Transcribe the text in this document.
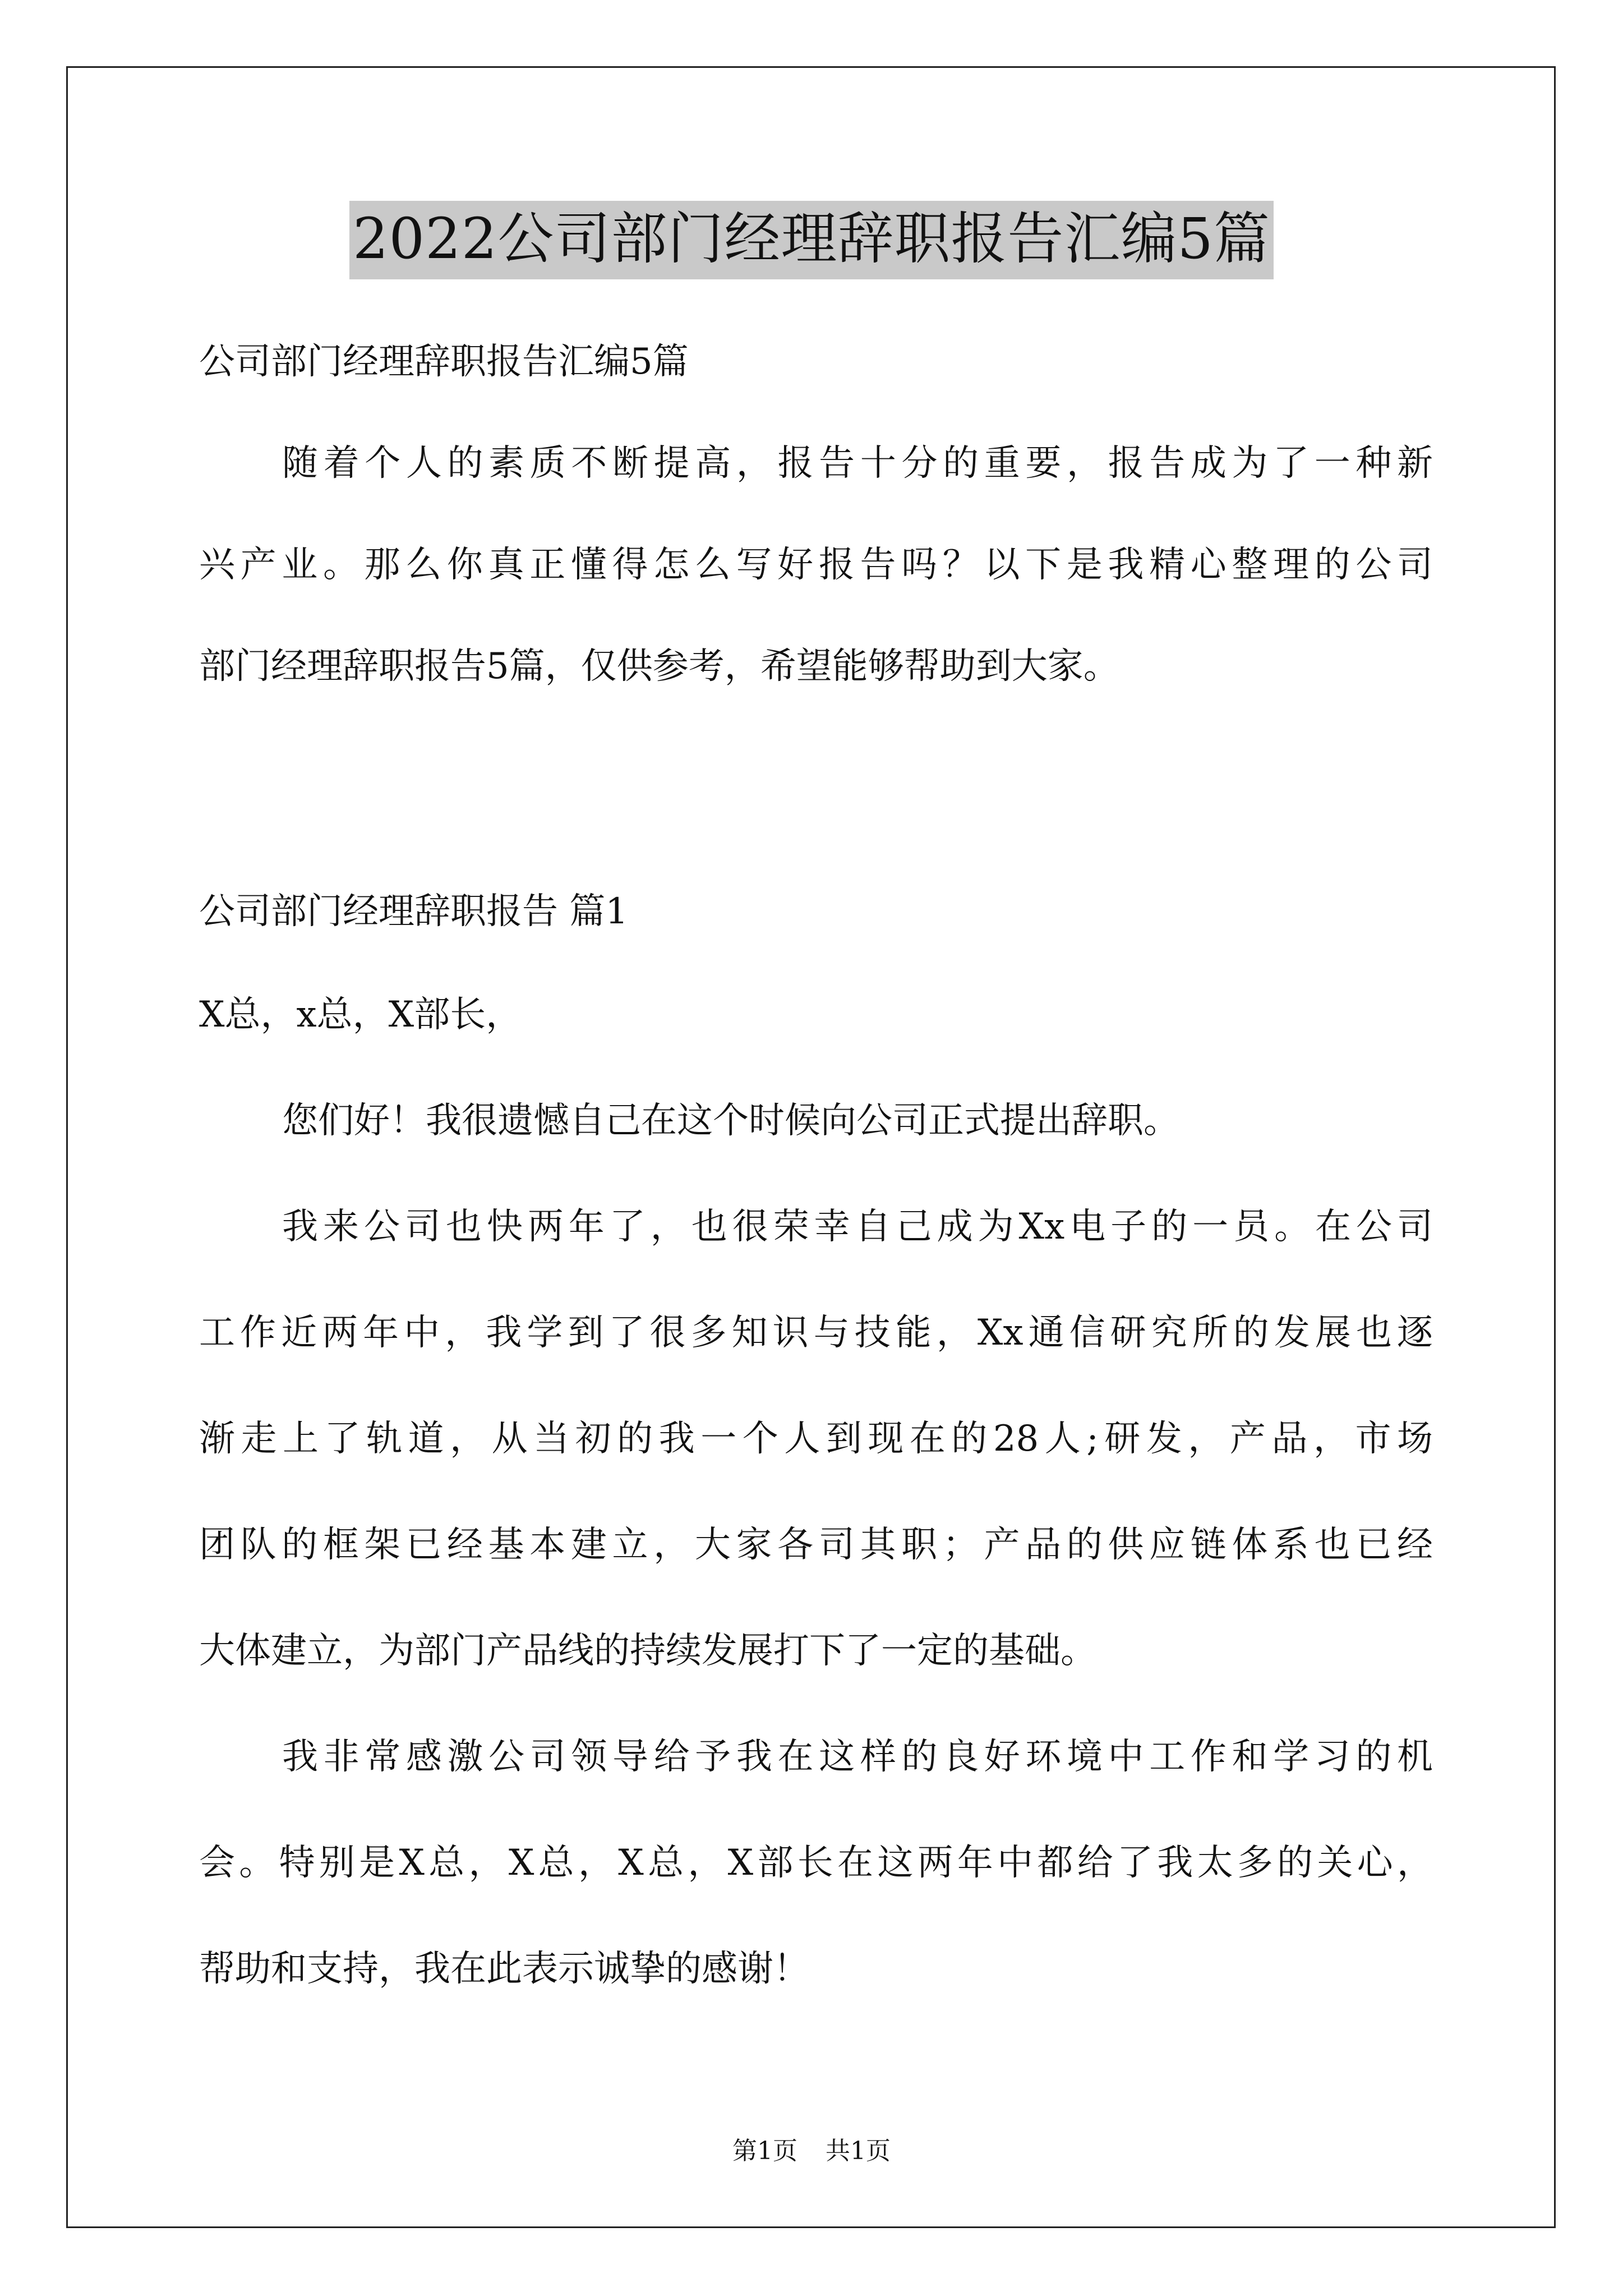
2022公司部门经理辞职报告汇编5篇
公司部门经理辞职报告汇编5篇
随着个人的素质不断提高，报告十分的重要，报告成为了一种新
兴产业。那么你真正懂得怎么写好报告吗？以下是我精心整理的公司
部门经理辞职报告5篇，仅供参考，希望能够帮助到大家。
公司部门经理辞职报告 篇1
X总，x总，X部长，
您们好！我很遗憾自己在这个时候向公司正式提出辞职。
我来公司也快两年了，也很荣幸自己成为Xx电子的一员。在公司
工作近两年中，我学到了很多知识与技能，Xx通信研究所的发展也逐
渐走上了轨道，从当初的我一个人到现在的28人;研发，产品，市场
团队的框架已经基本建立，大家各司其职；产品的供应链体系也已经
大体建立，为部门产品线的持续发展打下了一定的基础。
我非常感激公司领导给予我在这样的良好环境中工作和学习的机
会。特别是X总，X总，X总，X部长在这两年中都给了我太多的关心，
帮助和支持，我在此表示诚挚的感谢！
第1页 共1页
